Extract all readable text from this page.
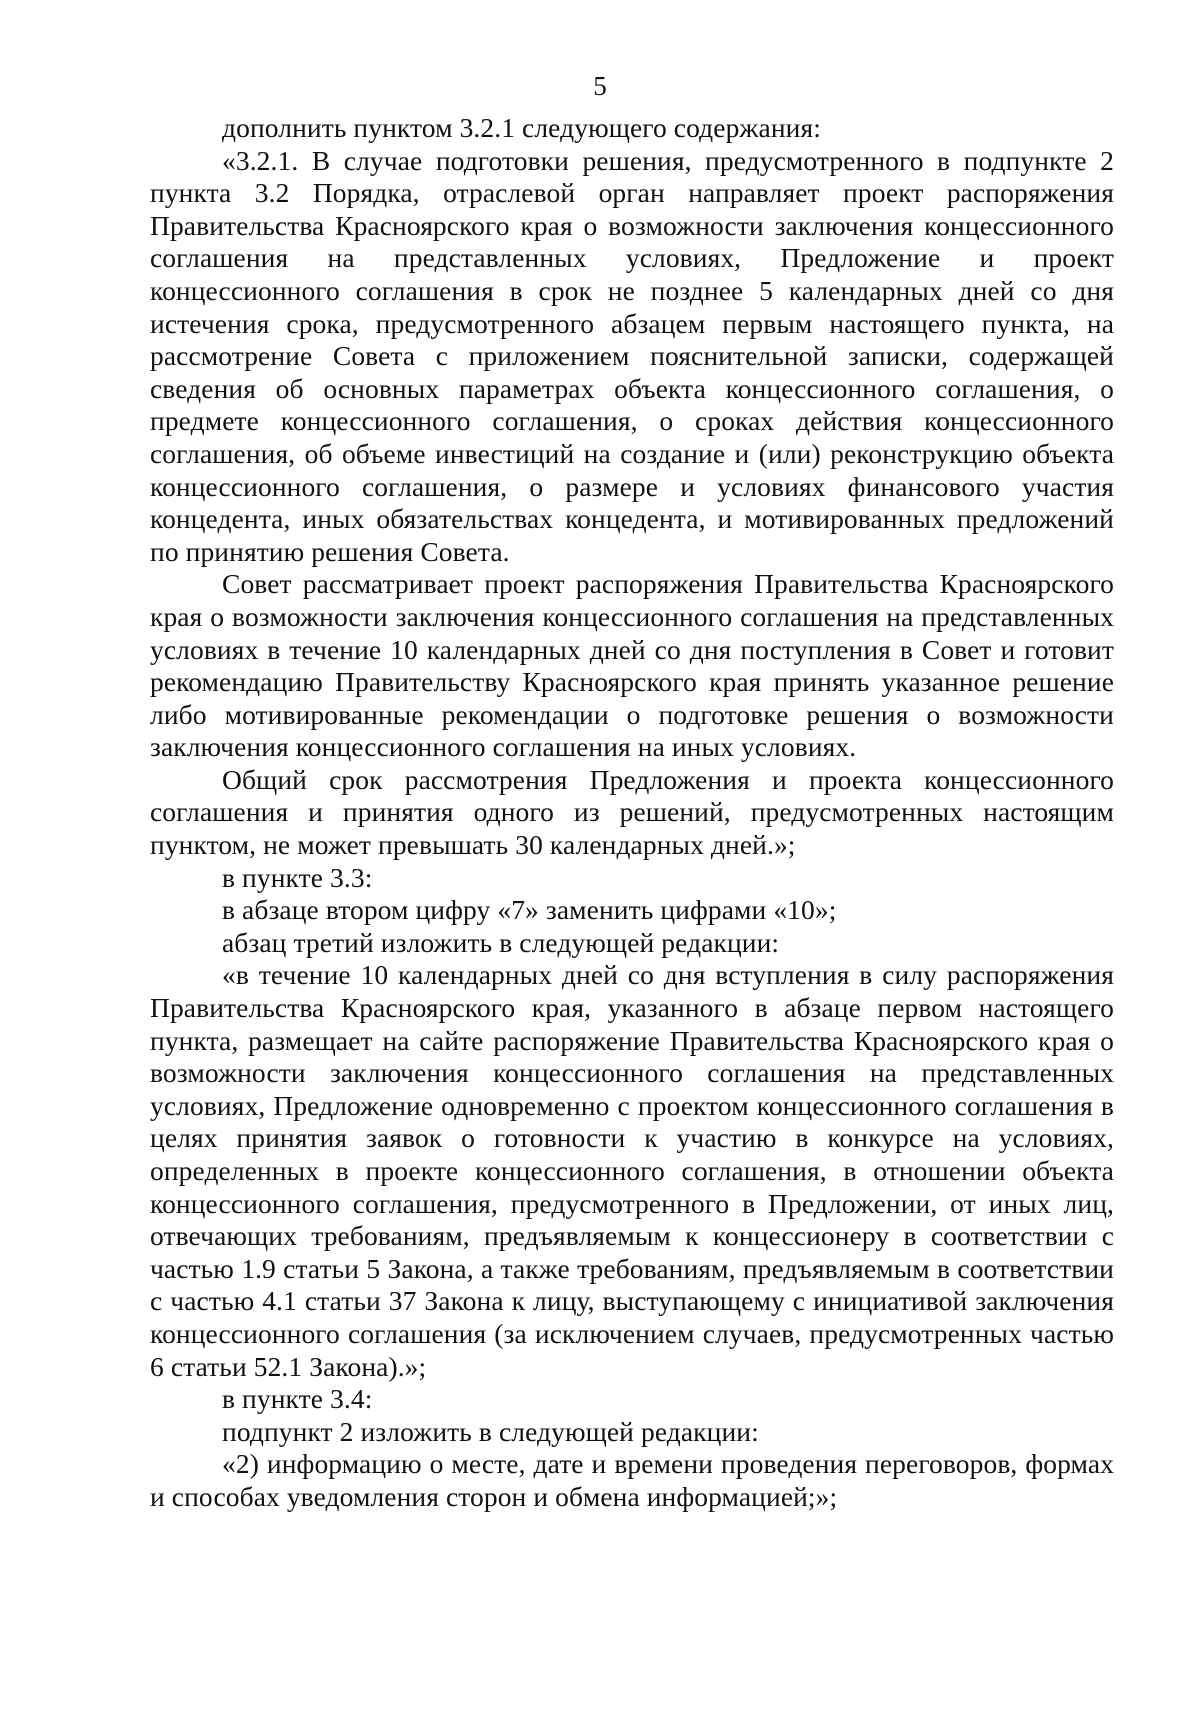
5

дополнить пунктом 3.2.1 следующего содержания:

«3.2.1. В случае подготовки решения, предусмотренного в подпункте 2 пункта 3.2 Порядка, отраслевой орган направляет проект распоряжения Правительства Красноярского края о возможности заключения концессионного соглашения на представленных условиях, Предложение и проект концессионного соглашения в срок не позднее 5 календарных дней со дня истечения срока, предусмотренного абзацем первым настоящего пункта, на рассмотрение Совета с приложением пояснительной записки, содержащей сведения об основных параметрах объекта концессионного соглашения, о предмете концессионного соглашения, о сроках действия концессионного соглашения, об объеме инвестиций на создание и (или) реконструкцию объекта концессионного соглашения, о размере и условиях финансового участия концедента, иных обязательствах концедента, и мотивированных предложений по принятию решения Совета.

Совет рассматривает проект распоряжения Правительства Красноярского края о возможности заключения концессионного соглашения на представленных условиях в течение 10 календарных дней со дня поступления в Совет и готовит рекомендацию Правительству Красноярского края принять указанное решение либо мотивированные рекомендации о подготовке решения о возможности заключения концессионного соглашения на иных условиях.

Общий срок рассмотрения Предложения и проекта концессионного соглашения и принятия одного из решений, предусмотренных настоящим пунктом, не может превышать 30 календарных дней.»;

в пункте 3.3:

в абзаце втором цифру «7» заменить цифрами «10»;

абзац третий изложить в следующей редакции:

«в течение 10 календарных дней со дня вступления в силу распоряжения Правительства Красноярского края, указанного в абзаце первом настоящего пункта, размещает на сайте распоряжение Правительства Красноярского края о возможности заключения концессионного соглашения на представленных условиях, Предложение одновременно с проектом концессионного соглашения в целях принятия заявок о готовности к участию в конкурсе на условиях, определенных в проекте концессионного соглашения, в отношении объекта концессионного соглашения, предусмотренного в Предложении, от иных лиц, отвечающих требованиям, предъявляемым к концессионеру в соответствии с частью 1.9 статьи 5 Закона, а также требованиям, предъявляемым в соответствии с частью 4.1 статьи 37 Закона к лицу, выступающему с инициативой заключения концессионного соглашения (за исключением случаев, предусмотренных частью 6 статьи 52.1 Закона).»;

в пункте 3.4:

подпункт 2 изложить в следующей редакции:

«2) информацию о месте, дате и времени проведения переговоров, формах и способах уведомления сторон и обмена информацией;»;
